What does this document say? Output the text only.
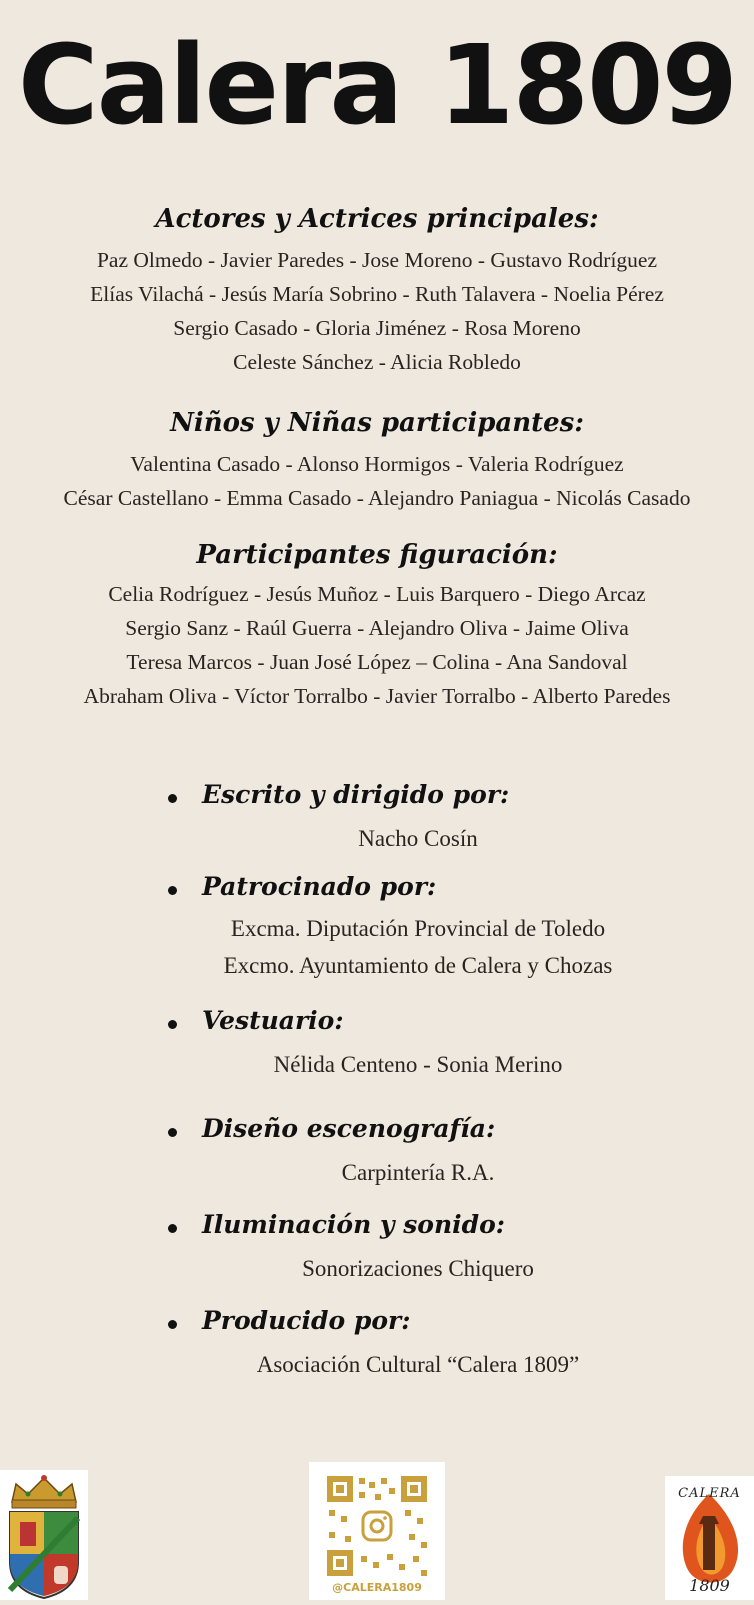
Calera 1809
Actores y Actrices principales:
Paz Olmedo - Javier Paredes - Jose Moreno - Gustavo Rodríguez
Elías Vilachá - Jesús María Sobrino - Ruth Talavera - Noelia Pérez
Sergio Casado - Gloria Jiménez - Rosa Moreno
Celeste Sánchez - Alicia Robledo
Niños y Niñas participantes:
Valentina Casado - Alonso Hormigos - Valeria Rodríguez
César Castellano - Emma Casado - Alejandro Paniagua - Nicolás Casado
Participantes figuración:
Celia Rodríguez - Jesús Muñoz - Luis Barquero - Diego Arcaz
Sergio Sanz - Raúl Guerra - Alejandro Oliva - Jaime Oliva
Teresa Marcos - Juan José López – Colina - Ana Sandoval
Abraham Oliva - Víctor Torralbo - Javier Torralbo - Alberto Paredes
Escrito y dirigido por:
Nacho Cosín
Patrocinado por:
Excma. Diputación Provincial de Toledo
Excmo. Ayuntamiento de Calera y Chozas
Vestuario:
Nélida Centeno - Sonia Merino
Diseño escenografía:
Carpintería R.A.
Iluminación y sonido:
Sonorizaciones Chiquero
Producido por:
Asociación Cultural “Calera 1809”
@CALERA1809
CALERA
1809
